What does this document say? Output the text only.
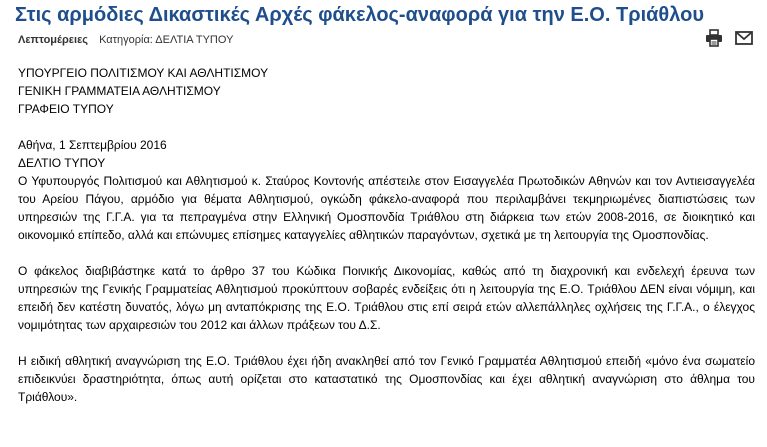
Στις αρμόδιες Δικαστικές Αρχές φάκελος-αναφορά για την Ε.Ο. Τριάθλου
Λεπτομέρειες Κατηγορία: ΔΕΛΤΙΑ ΤΥΠΟΥ

ΥΠΟΥΡΓΕΙΟ ΠΟΛΙΤΙΣΜΟΥ ΚΑΙ ΑΘΛΗΤΙΣΜΟΥ

ΓΕΝΙΚΗ ΓΡΑΜΜΑΤΕΙΑ ΑΘΛΗΤΙΣΜΟΥ

ΓΡΑΦΕΙΟ ΤΥΠΟΥ

Αθήνα, 1 Σεπτεμβρίου 2016

ΔΕΛΤΙΟ ΤΥΠΟΥ

Ο Υφυπουργός Πολιτισμού και Αθλητισμού κ. Σταύρος Κοντονής απέστειλε στον Εισαγγελέα Πρωτοδικών Αθηνών και τον Αντιεισαγγελέα του Αρείου Πάγου, αρμόδιο για θέματα Αθλητισμού, ογκώδη φάκελο-αναφορά που περιλαμβάνει τεκμηριωμένες διαπιστώσεις των υπηρεσιών της Γ.Γ.Α. για τα πεπραγμένα στην Ελληνική Ομοσπονδία Τριάθλου στη διάρκεια των ετών 2008-2016, σε διοικητικό και οικονομικό επίπεδο, αλλά και επώνυμες επίσημες καταγγελίες αθλητικών παραγόντων, σχετικά με τη λειτουργία της Ομοσπονδίας.

Ο φάκελος διαβιβάστηκε κατά το άρθρο 37 του Κώδικα Ποινικής Δικονομίας, καθώς από τη διαχρονική και ενδελεχή έρευνα των υπηρεσιών της Γενικής Γραμματείας Αθλητισμού προκύπτουν σοβαρές ενδείξεις ότι η λειτουργία της Ε.Ο. Τριάθλου ΔΕΝ είναι νόμιμη, και επειδή δεν κατέστη δυνατός, λόγω μη ανταπόκρισης της Ε.Ο. Τριάθλου στις επί σειρά ετών αλλεπάλληλες οχλήσεις της Γ.Γ.Α., ο έλεγχος νομιμότητας των αρχαιρεσιών του 2012 και άλλων πράξεων του Δ.Σ.

Η ειδική αθλητική αναγνώριση της Ε.Ο. Τριάθλου έχει ήδη ανακληθεί από τον Γενικό Γραμματέα Αθλητισμού επειδή «μόνο ένα σωματείο επιδεικνύει δραστηριότητα, όπως αυτή ορίζεται στο καταστατικό της Ομοσπονδίας και έχει αθλητική αναγνώριση στο άθλημα του Τριάθλου».
